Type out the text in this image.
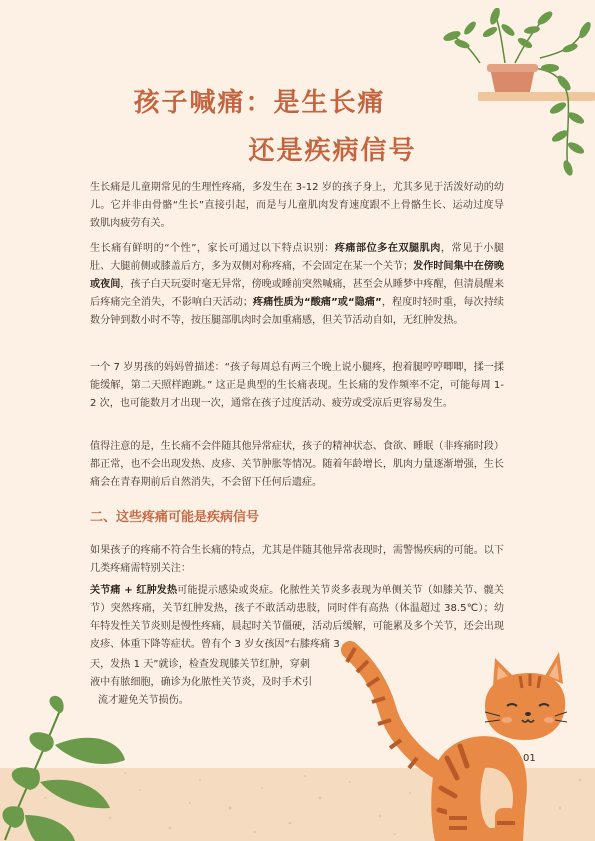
孩子喊痛：是生长痛
还是疾病信号
生长痛是儿童期常见的生理性疼痛，多发生在 3-12 岁的孩子身上，尤其多见于活泼好动的幼儿。它并非由骨骼“生长”直接引起，而是与儿童肌肉发育速度跟不上骨骼生长、运动过度导致肌肉疲劳有关。
生长痛有鲜明的“个性”，家长可通过以下特点识别：疼痛部位多在双腿肌肉，常见于小腿肚、大腿前侧或膝盖后方，多为双侧对称疼痛，不会固定在某一个关节；发作时间集中在傍晚或夜间，孩子白天玩耍时毫无异常，傍晚或睡前突然喊痛，甚至会从睡梦中疼醒，但清晨醒来后疼痛完全消失，不影响白天活动；疼痛性质为“酸痛”或“隐痛”，程度时轻时重，每次持续数分钟到数小时不等，按压腿部肌肉时会加重痛感，但关节活动自如，无红肿发热。
一个 7 岁男孩的妈妈曾描述：“孩子每周总有两三个晚上说小腿疼，抱着腿哼哼唧唧，揉一揉能缓解，第二天照样跑跳。” 这正是典型的生长痛表现。生长痛的发作频率不定，可能每周 1-2 次，也可能数月才出现一次，通常在孩子过度活动、疲劳或受凉后更容易发生。
值得注意的是，生长痛不会伴随其他异常症状，孩子的精神状态、食欲、睡眠（非疼痛时段）都正常，也不会出现发热、皮疹、关节肿胀等情况。随着年龄增长，肌肉力量逐渐增强，生长痛会在青春期前后自然消失，不会留下任何后遗症。
二、这些疼痛可能是疾病信号
如果孩子的疼痛不符合生长痛的特点，尤其是伴随其他异常表现时，需警惕疾病的可能。以下几类疼痛需特别关注：
关节痛 + 红肿发热可能提示感染或炎症。化脓性关节炎多表现为单侧关节（如膝关节、髋关节）突然疼痛，关节红肿发热，孩子不敢活动患肢，同时伴有高热（体温超过 38.5℃）；幼年特发性关节炎则是慢性疼痛，晨起时关节僵硬，活动后缓解，可能累及多个关节，还会出现皮疹、体重下降等症状。曾有个 3 岁女孩因“右膝疼痛 3
天，发热 1 天”就诊，检查发现膝关节红肿，穿刺
液中有脓细胞，确诊为化脓性关节炎，及时手术引
流才避免关节损伤。
01
